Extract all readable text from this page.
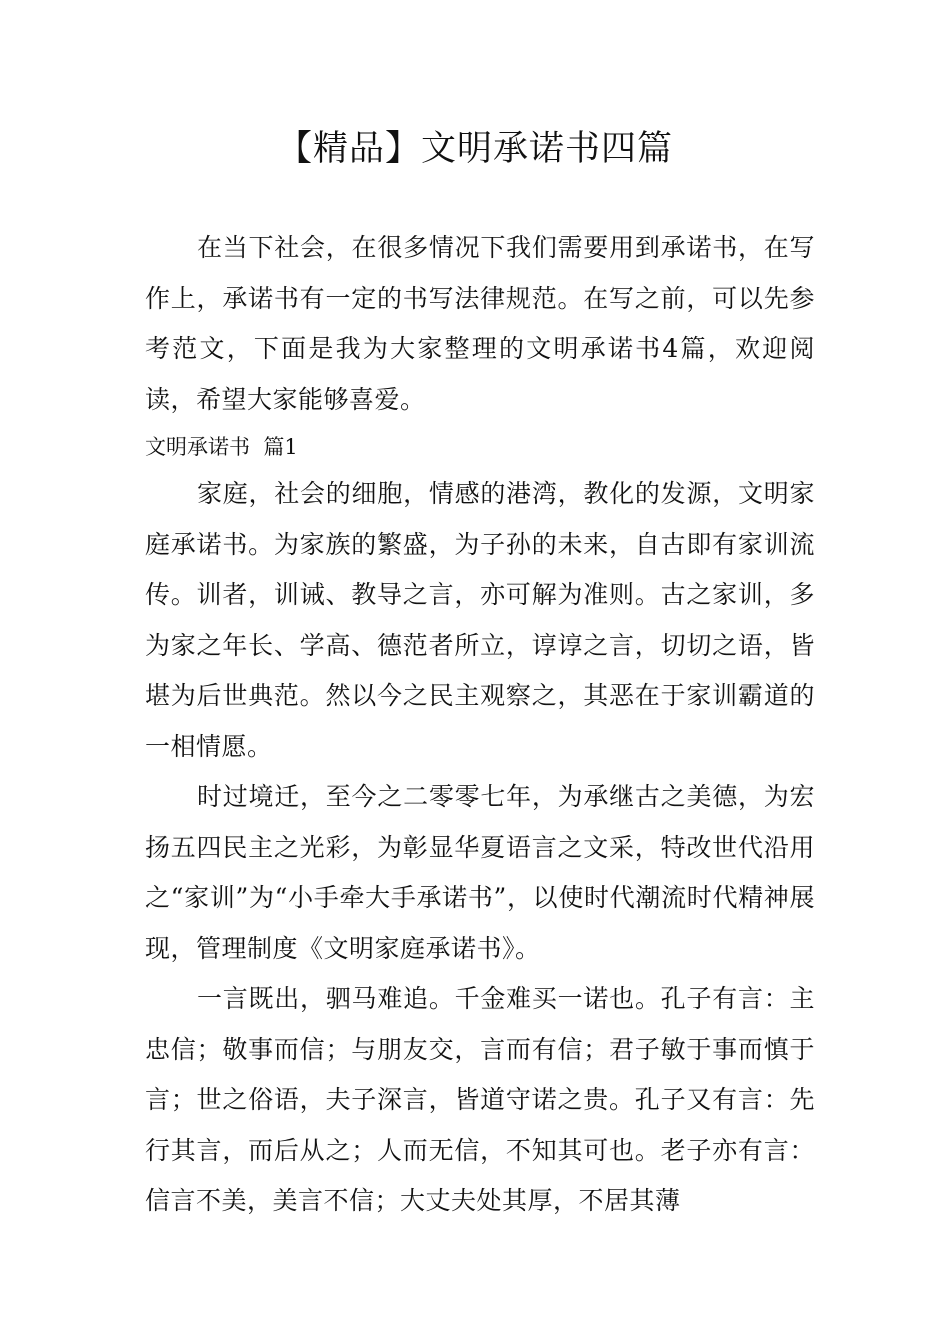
【精品】文明承诺书四篇

在当下社会，在很多情况下我们需要用到承诺书，在写作上，承诺书有一定的书写法律规范。在写之前，可以先参考范文，下面是我为大家整理的文明承诺书4篇，欢迎阅读，希望大家能够喜爱。

文明承诺书  篇1

家庭，社会的细胞，情感的港湾，教化的发源，文明家庭承诺书。为家族的繁盛，为子孙的未来，自古即有家训流传。训者，训诫、教导之言，亦可解为准则。古之家训，多为家之年长、学高、德范者所立，谆谆之言，切切之语，皆堪为后世典范。然以今之民主观察之，其恶在于家训霸道的一相情愿。

时过境迁，至今之二零零七年，为承继古之美德，为宏扬五四民主之光彩，为彰显华夏语言之文采，特改世代沿用之“家训”为“小手牵大手承诺书”，以使时代潮流时代精神展现，管理制度《文明家庭承诺书》。

一言既出，驷马难追。千金难买一诺也。孔子有言：主忠信；敬事而信；与朋友交，言而有信；君子敏于事而慎于言；世之俗语，夫子深言，皆道守诺之贵。孔子又有言：先行其言，而后从之；人而无信，不知其可也。老子亦有言：信言不美，美言不信；大丈夫处其厚，不居其薄
